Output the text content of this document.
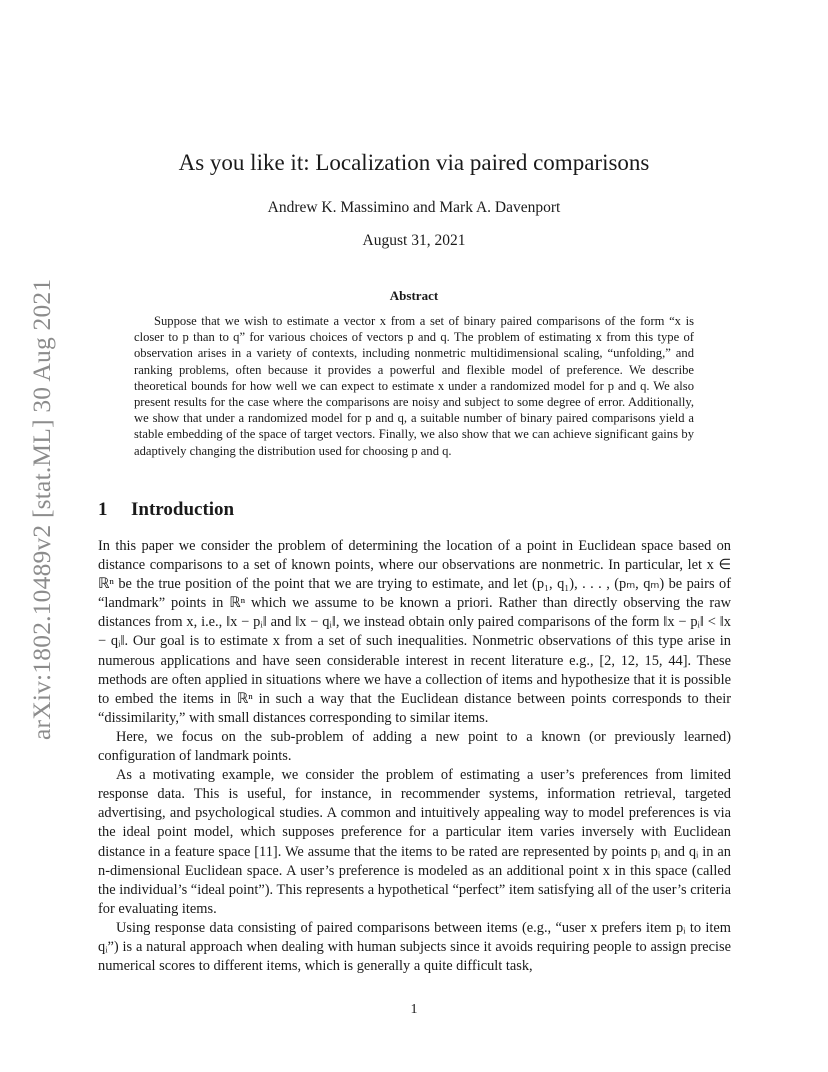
arXiv:1802.10489v2 [stat.ML] 30 Aug 2021
As you like it: Localization via paired comparisons

Andrew K. Massimino and Mark A. Davenport

August 31, 2021

Abstract

Suppose that we wish to estimate a vector x from a set of binary paired comparisons of the form “x is closer to p than to q” for various choices of vectors p and q. The problem of estimating x from this type of observation arises in a variety of contexts, including nonmetric multidimensional scaling, “unfolding,” and ranking problems, often because it provides a powerful and flexible model of preference. We describe theoretical bounds for how well we can expect to estimate x under a randomized model for p and q. We also present results for the case where the comparisons are noisy and subject to some degree of error. Additionally, we show that under a randomized model for p and q, a suitable number of binary paired comparisons yield a stable embedding of the space of target vectors. Finally, we also show that we can achieve significant gains by adaptively changing the distribution used for choosing p and q.

1 Introduction

In this paper we consider the problem of determining the location of a point in Euclidean space based on distance comparisons to a set of known points, where our observations are nonmetric. In particular, let x ∈ ℝⁿ be the true position of the point that we are trying to estimate, and let (p₁, q₁), . . . , (pₘ, qₘ) be pairs of “landmark” points in ℝⁿ which we assume to be known a priori. Rather than directly observing the raw distances from x, i.e., ‖x − pᵢ‖ and ‖x − qᵢ‖, we instead obtain only paired comparisons of the form ‖x − pᵢ‖ < ‖x − qᵢ‖. Our goal is to estimate x from a set of such inequalities. Nonmetric observations of this type arise in numerous applications and have seen considerable interest in recent literature e.g., [2, 12, 15, 44]. These methods are often applied in situations where we have a collection of items and hypothesize that it is possible to embed the items in ℝⁿ in such a way that the Euclidean distance between points corresponds to their “dissimilarity,” with small distances corresponding to similar items.

Here, we focus on the sub-problem of adding a new point to a known (or previously learned) configuration of landmark points.

As a motivating example, we consider the problem of estimating a user’s preferences from limited response data. This is useful, for instance, in recommender systems, information retrieval, targeted advertising, and psychological studies. A common and intuitively appealing way to model preferences is via the ideal point model, which supposes preference for a particular item varies inversely with Euclidean distance in a feature space [11]. We assume that the items to be rated are represented by points pᵢ and qᵢ in an n-dimensional Euclidean space. A user’s preference is modeled as an additional point x in this space (called the individual’s “ideal point”). This represents a hypothetical “perfect” item satisfying all of the user’s criteria for evaluating items.

Using response data consisting of paired comparisons between items (e.g., “user x prefers item pᵢ to item qᵢ”) is a natural approach when dealing with human subjects since it avoids requiring people to assign precise numerical scores to different items, which is generally a quite difficult task,

1
